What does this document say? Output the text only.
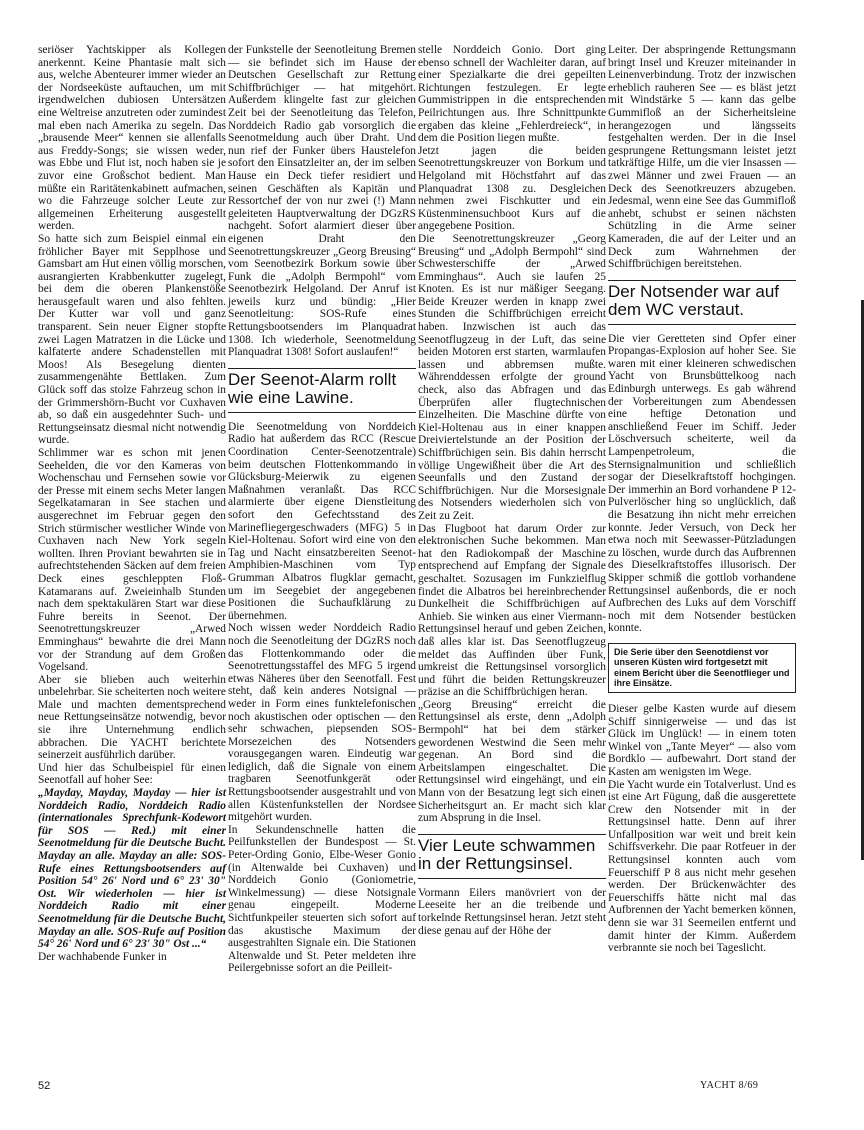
seriöser Yachtskipper als Kollegen anerkennt. Keine Phantasie malt sich aus, welche Abenteurer immer wieder an der Nordseeküste auftauchen, um mit irgendwelchen dubiosen Untersätzen eine Weltreise anzutreten oder zumindest mal eben nach Amerika zu segeln. Das „brausende Meer“ kennen sie allenfalls aus Freddy-Songs; sie wissen weder, was Ebbe und Flut ist, noch haben sie je zuvor eine Großschot bedient. Man müßte ein Raritätenkabinett aufmachen, wo die Fahrzeuge solcher Leute zur allgemeinen Erheiterung ausgestellt werden.

So hatte sich zum Beispiel einmal ein fröhlicher Bayer mit Sepplhose und Gamsbart am Hut einen völlig morschen, ausrangierten Krabbenkutter zugelegt, bei dem die oberen Plankenstöße herausgefault waren und also fehlten. Der Kutter war voll und ganz transparent. Sein neuer Eigner stopfte zwei Lagen Matratzen in die Lücke und kalfaterte andere Schadenstellen mit Moos! Als Besegelung dienten zusammengenähte Bettlaken. Zum Glück soff das stolze Fahrzeug schon in der Grimmershörn-Bucht vor Cuxhaven ab, so daß ein ausgedehnter Such- und Rettungseinsatz diesmal nicht notwendig wurde.

Schlimmer war es schon mit jenen Seehelden, die vor den Kameras von Wochenschau und Fernsehen sowie vor der Presse mit einem sechs Meter langen Segelkatamaran in See stachen und ausgerechnet im Februar gegen den Strich stürmischer westlicher Winde von Cuxhaven nach New York segeln wollten. Ihren Proviant bewahrten sie in aufrechtstehenden Säcken auf dem freien Deck eines geschleppten Floß-Katamarans auf. Zweieinhalb Stunden nach dem spektakulären Start war diese Fuhre bereits in Seenot. Der Seenotrettungskreuzer „Arwed Emminghaus“ bewahrte die drei Mann vor der Strandung auf dem Großen Vogelsand.

Aber sie blieben auch weiterhin unbelehrbar. Sie scheiterten noch weitere Male und machten dementsprechend neue Rettungseinsätze notwendig, bevor sie ihre Unternehmung endlich abbrachen. Die YACHT berichtete seinerzeit ausführlich darüber.

Und hier das Schulbeispiel für einen Seenotfall auf hoher See:

„Mayday, Mayday, Mayday — hier ist Norddeich Radio, Norddeich Radio (internationales Sprechfunk-Kodewort für SOS — Red.) mit einer Seenotmeldung für die Deutsche Bucht. Mayday an alle. Mayday an alle: SOS-Rufe eines Rettungsbootsenders auf Position 54° 26' Nord und 6° 23' 30" Ost. Wir wiederholen — hier ist Norddeich Radio mit einer Seenotmeldung für die Deutsche Bucht, Mayday an alle. SOS-Rufe auf Position 54° 26' Nord und 6° 23' 30" Ost ...“

Der wachhabende Funker in

der Funkstelle der Seenotleitung Bremen — sie befindet sich im Hause der Deutschen Gesellschaft zur Rettung Schiffbrüchiger — hat mitgehört. Außerdem klingelte fast zur gleichen Zeit bei der Seenotleitung das Telefon, Norddeich Radio gab vorsorglich die Seenotmeldung auch über Draht. Und nun rief der Funker übers Haustelefon sofort den Einsatzleiter an, der im selben Hause ein Deck tiefer residiert und seinen Geschäften als Kapitän und Ressortchef der von nur zwei (!) Mann geleiteten Hauptverwaltung der DGzRS nachgeht. Sofort alarmiert dieser über eigenen Draht den Seenotrettungskreuzer „Georg Breusing“ vom Seenotbezirk Borkum sowie über Funk die „Adolph Bermpohl“ vom Seenotbezirk Helgoland. Der Anruf ist jeweils kurz und bündig: „Hier Seenotleitung: SOS-Rufe eines Rettungsbootsenders im Planquadrat 1308. Ich wiederhole, Seenotmeldung Planquadrat 1308! Sofort auslaufen!“

Der Seenot-Alarm rollt wie eine Lawine.

Die Seenotmeldung von Norddeich Radio hat außerdem das RCC (Rescue Coordination Center-Seenotzentrale) beim deutschen Flottenkommando in Glücksburg-Meierwik zu eigenen Maßnahmen veranlaßt. Das RCC alarmierte über eigene Dienstleitung sofort den Gefechtsstand des Marinefliegergeschwaders (MFG) 5 in Kiel-Holtenau. Sofort wird eine von den Tag und Nacht einsatzbereiten Seenot-Amphibien-Maschinen vom Typ Grumman Albatros flugklar gemacht, um im Seegebiet der angegebenen Positionen die Suchaufklärung zu übernehmen.

Noch wissen weder Norddeich Radio noch die Seenotleitung der DGzRS noch das Flottenkommando oder die Seenotrettungsstaffel des MFG 5 irgend etwas Näheres über den Seenotfall. Fest steht, daß kein anderes Notsignal — weder in Form eines funktelefonischen noch akustischen oder optischen — den sehr schwachen, piepsenden SOS-Morsezeichen des Notsenders vorausgegangen waren. Eindeutig war lediglich, daß die Signale von einem tragbaren Seenotfunkgerät oder Rettungsbootsender ausgestrahlt und von allen Küstenfunkstellen der Nordsee mitgehört wurden.

In Sekundenschnelle hatten die Peilfunkstellen der Bundespost — St. Peter-Ording Gonio, Elbe-Weser Gonio (in Altenwalde bei Cuxhaven) und Norddeich Gonio (Goniometrie, Winkelmessung) — diese Notsignale genau eingepeilt. Moderne Sichtfunkpeiler steuerten sich sofort auf das akustische Maximum der ausgestrahlten Signale ein. Die Stationen Altenwalde und St. Peter meldeten ihre Peilergebnisse sofort an die Peilleit-

stelle Norddeich Gonio. Dort ging ebenso schnell der Wachleiter daran, auf einer Spezialkarte die drei gepeilten Richtungen festzulegen. Er legte Gummistrippen in die entsprechenden Peilrichtungen aus. Ihre Schnittpunkte ergaben das kleine „Fehlerdreieck“, in dem die Position liegen mußte.

Jetzt jagen die beiden Seenotrettungskreuzer von Borkum und Helgoland mit Höchstfahrt auf das Planquadrat 1308 zu. Desgleichen nehmen zwei Fischkutter und ein Küstenminensuchboot Kurs auf die angegebene Position.

Die Seenotrettungskreuzer „Georg Breusing“ und „Adolph Bermpohl“ sind Schwesterschiffe der „Arwed Emminghaus“. Auch sie laufen 25 Knoten. Es ist nur mäßiger Seegang. Beide Kreuzer werden in knapp zwei Stunden die Schiffbrüchigen erreicht haben. Inzwischen ist auch das Seenotflugzeug in der Luft, das seine beiden Motoren erst starten, warmlaufen lassen und abbremsen mußte. Währenddessen erfolgte der ground check, also das Abfragen und das Überprüfen aller flugtechnischen Einzelheiten. Die Maschine dürfte von Kiel-Holtenau aus in einer knappen Dreiviertelstunde an der Position der Schiffbrüchigen sein. Bis dahin herrscht völlige Ungewißheit über die Art des Seeunfalls und den Zustand der Schiffbrüchigen. Nur die Morsesignale des Notsenders wiederholen sich von Zeit zu Zeit.

Das Flugboot hat darum Order zur elektronischen Suche bekommen. Man hat den Radiokompaß der Maschine entsprechend auf Empfang der Signale geschaltet. Sozusagen im Funkzielflug findet die Albatros bei hereinbrechender Dunkelheit die Schiffbrüchigen auf Anhieb. Sie winken aus einer Viermann-Rettungsinsel herauf und geben Zeichen, daß alles klar ist. Das Seenotflugzeug meldet das Auffinden über Funk, umkreist die Rettungsinsel vorsorglich und führt die beiden Rettungskreuzer präzise an die Schiffbrüchigen heran.

„Georg Breusing“ erreicht die Rettungsinsel als erste, denn „Adolph Bermpohl“ hat bei dem stärker gewordenen Westwind die Seen mehr gegenan. An Bord sind die Arbeitslampen eingeschaltet. Die Rettungsinsel wird eingehängt, und ein Mann von der Besatzung legt sich einen Sicherheitsgurt an. Er macht sich klar zum Absprung in die Insel.

Vier Leute schwammen in der Rettungsinsel.

Vormann Eilers manövriert von der Leeseite her an die treibende und torkelnde Rettungsinsel heran. Jetzt steht diese genau auf der Höhe der

Leiter. Der abspringende Rettungsmann bringt Insel und Kreuzer miteinander in Leinenverbindung. Trotz der inzwischen erheblich rauheren See — es bläst jetzt mit Windstärke 5 — kann das gelbe Gummifloß an der Sicherheitsleine herangezogen und längsseits festgehalten werden. Der in die Insel gesprungene Rettungsmann leistet jetzt tatkräftige Hilfe, um die vier Insassen — zwei Männer und zwei Frauen — an Deck des Seenotkreuzers abzugeben. Jedesmal, wenn eine See das Gummifloß anhebt, schubst er seinen nächsten Schützling in die Arme seiner Kameraden, die auf der Leiter und an Deck zum Wahrnehmen der Schiffbrüchigen bereitstehen.

Der Notsender war auf dem WC verstaut.

Die vier Geretteten sind Opfer einer Propangas-Explosion auf hoher See. Sie waren mit einer kleineren schwedischen Yacht von Brunsbüttelkoog nach Edinburgh unterwegs. Es gab während der Vorbereitungen zum Abendessen eine heftige Detonation und anschließend Feuer im Schiff. Jeder Löschversuch scheiterte, weil da Lampenpetroleum, die Sternsignalmunition und schließlich sogar der Dieselkraftstoff hochgingen. Der immerhin an Bord vorhandene P 12-Pulverlöscher hing so unglücklich, daß die Besatzung ihn nicht mehr erreichen konnte. Jeder Versuch, von Deck her etwa noch mit Seewasser-Pützladungen zu löschen, wurde durch das Aufbrennen des Dieselkraftstoffes illusorisch. Der Skipper schmiß die gottlob vorhandene Rettungsinsel außenbords, die er noch Aufbrechen des Luks auf dem Vorschiff noch mit dem Notsender bestücken konnte.

Die Serie über den Seenotdienst vor unseren Küsten wird fortgesetzt mit einem Bericht über die Seenotflieger und ihre Einsätze.

Dieser gelbe Kasten wurde auf diesem Schiff sinnigerweise — und das ist Glück im Unglück! — in einem toten Winkel von „Tante Meyer“ — also vom Bordklo — aufbewahrt. Dort stand der Kasten am wenigsten im Wege.

Die Yacht wurde ein Totalverlust. Und es ist eine Art Fügung, daß die ausgerettete Crew den Notsender mit in der Rettungsinsel hatte. Denn auf ihrer Unfallposition war weit und breit kein Schiffsverkehr. Die paar Rotfeuer in der Rettungsinsel konnten auch vom Feuerschiff P 8 aus nicht mehr gesehen werden. Der Brückenwächter des Feuerschiffs hätte nicht mal das Aufbrennen der Yacht bemerken können, denn sie war 31 Seemeilen entfernt und damit hinter der Kimm. Außerdem verbrannte sie noch bei Tageslicht.

52	YACHT 8/69
